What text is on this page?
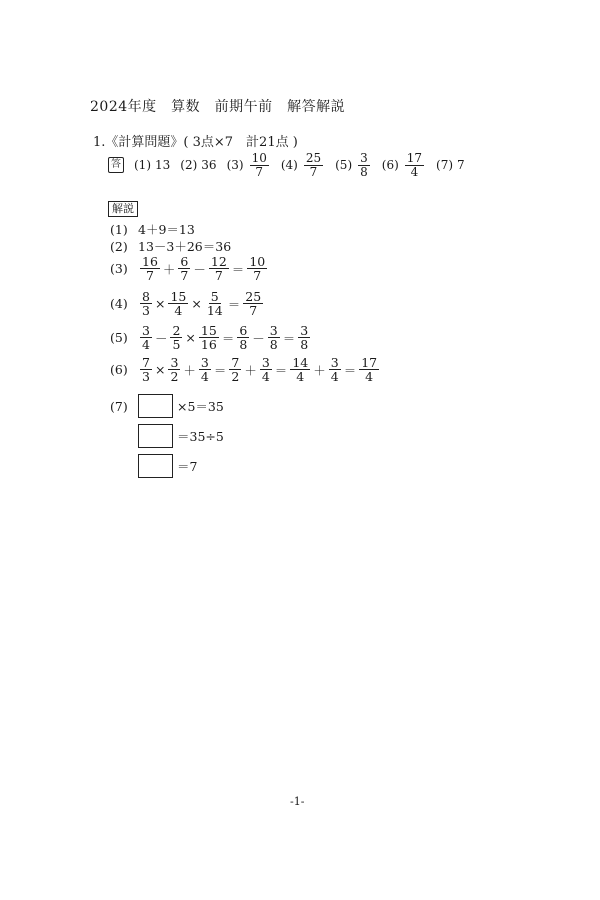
2024年度　算数　前期午前　解答解説
1.《計算問題》( 3点×7　計21点 )
答 (1) 13 (2) 36 $(3) \frac{10}{7} (4) \frac{25}{7} (5) \frac{3}{8} (6) \frac{17}{4} (7)$ 7
解説
(1) 4＋9＝13
(2) 13－3＋26＝36
$(3) \frac{16}{7} + \frac{6}{7} - \frac{12}{7} = \frac{10}{7}$
$(4) \frac{8}{3} \times \frac{15}{4} \times \frac{5}{14} = \frac{25}{7}$
$(5) \frac{3}{4} - \frac{2}{5} \times \frac{15}{16} = \frac{6}{8} - \frac{3}{8} = \frac{3}{8}$
$(6) \frac{7}{3} \times \frac{3}{2} + \frac{3}{4} = \frac{7}{2} + \frac{3}{4} = \frac{14}{4} + \frac{3}{4} = \frac{17}{4}$
(7)	×5＝35
＝35÷5
＝7
-1-
